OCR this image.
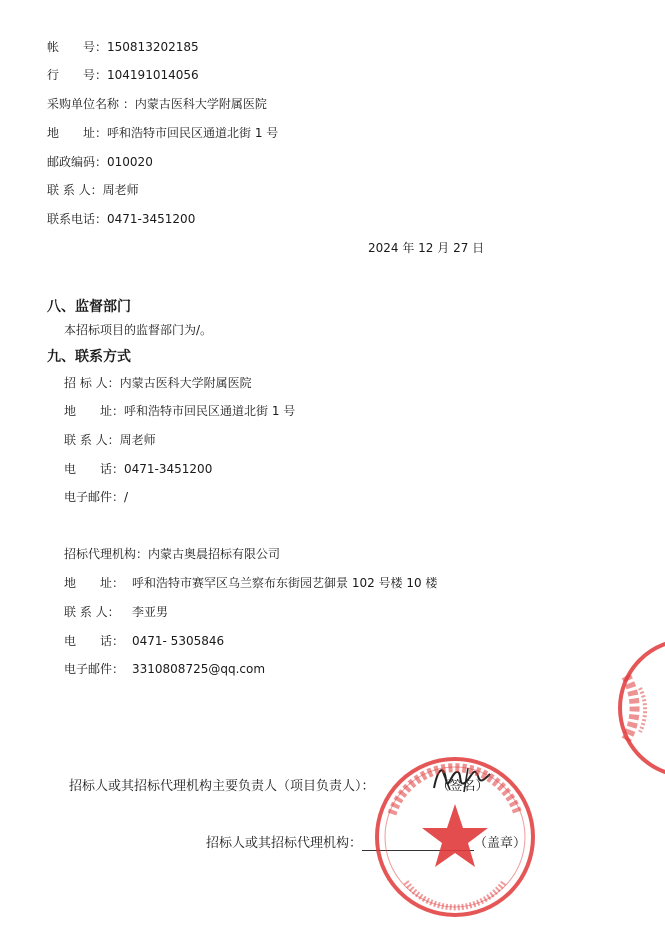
帐　　号：150813202185
行　　号：104191014056
采购单位名称 ：内蒙古医科大学附属医院
地　　址：呼和浩特市回民区通道北街 1 号
邮政编码：010020
联 系 人：周老师
联系电话：0471-3451200
2024 年 12 月 27 日
八、监督部门
本招标项目的监督部门为/。
九、联系方式
招 标 人：内蒙古医科大学附属医院
地　　址：呼和浩特市回民区通道北街 1 号
联 系 人：周老师
电　　话：0471-3451200
电子邮件：/
招标代理机构：内蒙古奥晨招标有限公司
地　　址： 呼和浩特市赛罕区乌兰察布东街园艺御景 102 号楼 10 楼
联 系 人： 李亚男
电　　话： 0471- 5305846
电子邮件： 3310808725@qq.com
招标人或其招标代理机构主要负责人（项目负责人）：	（签名）
招标人或其招标代理机构：	（盖章）
